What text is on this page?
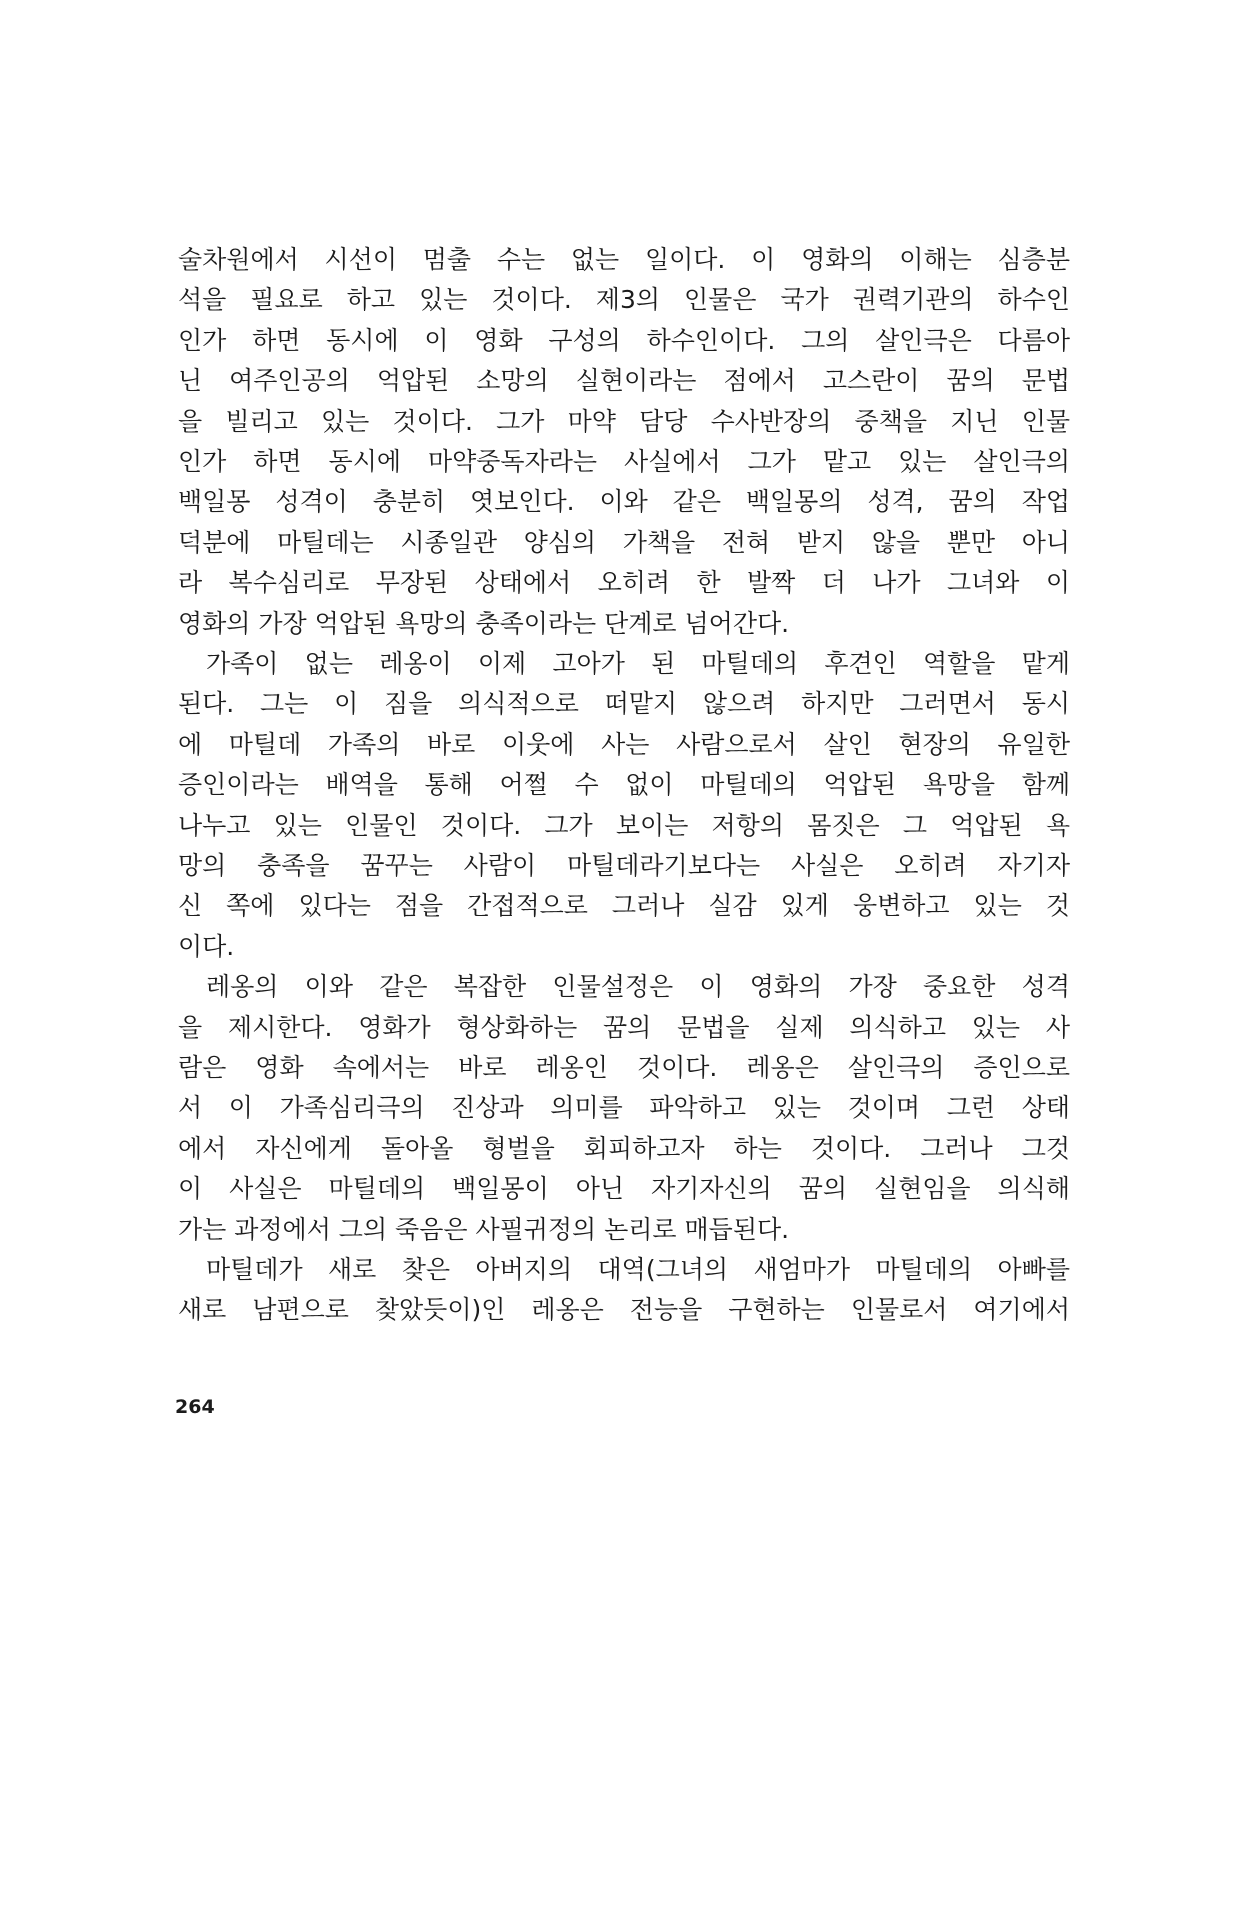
술차원에서 시선이 멈출 수는 없는 일이다. 이 영화의 이해는 심층분
석을 필요로 하고 있는 것이다. 제3의 인물은 국가 권력기관의 하수인
인가 하면 동시에 이 영화 구성의 하수인이다. 그의 살인극은 다름아
닌 여주인공의 억압된 소망의 실현이라는 점에서 고스란이 꿈의 문법
을 빌리고 있는 것이다. 그가 마약 담당 수사반장의 중책을 지닌 인물
인가 하면 동시에 마약중독자라는 사실에서 그가 맡고 있는 살인극의
백일몽 성격이 충분히 엿보인다. 이와 같은 백일몽의 성격, 꿈의 작업
덕분에 마틸데는 시종일관 양심의 가책을 전혀 받지 않을 뿐만 아니
라 복수심리로 무장된 상태에서 오히려 한 발짝 더 나가 그녀와 이
영화의 가장 억압된 욕망의 충족이라는 단계로 넘어간다.
가족이 없는 레옹이 이제 고아가 된 마틸데의 후견인 역할을 맡게
된다. 그는 이 짐을 의식적으로 떠맡지 않으려 하지만 그러면서 동시
에 마틸데 가족의 바로 이웃에 사는 사람으로서 살인 현장의 유일한
증인이라는 배역을 통해 어쩔 수 없이 마틸데의 억압된 욕망을 함께
나누고 있는 인물인 것이다. 그가 보이는 저항의 몸짓은 그 억압된 욕
망의 충족을 꿈꾸는 사람이 마틸데라기보다는 사실은 오히려 자기자
신 쪽에 있다는 점을 간접적으로 그러나 실감 있게 웅변하고 있는 것
이다.
레옹의 이와 같은 복잡한 인물설정은 이 영화의 가장 중요한 성격
을 제시한다. 영화가 형상화하는 꿈의 문법을 실제 의식하고 있는 사
람은 영화 속에서는 바로 레옹인 것이다. 레옹은 살인극의 증인으로
서 이 가족심리극의 진상과 의미를 파악하고 있는 것이며 그런 상태
에서 자신에게 돌아올 형벌을 회피하고자 하는 것이다. 그러나 그것
이 사실은 마틸데의 백일몽이 아닌 자기자신의 꿈의 실현임을 의식해
가는 과정에서 그의 죽음은 사필귀정의 논리로 매듭된다.
마틸데가 새로 찾은 아버지의 대역(그녀의 새엄마가 마틸데의 아빠를
새로 남편으로 찾았듯이)인 레옹은 전능을 구현하는 인물로서 여기에서
264
